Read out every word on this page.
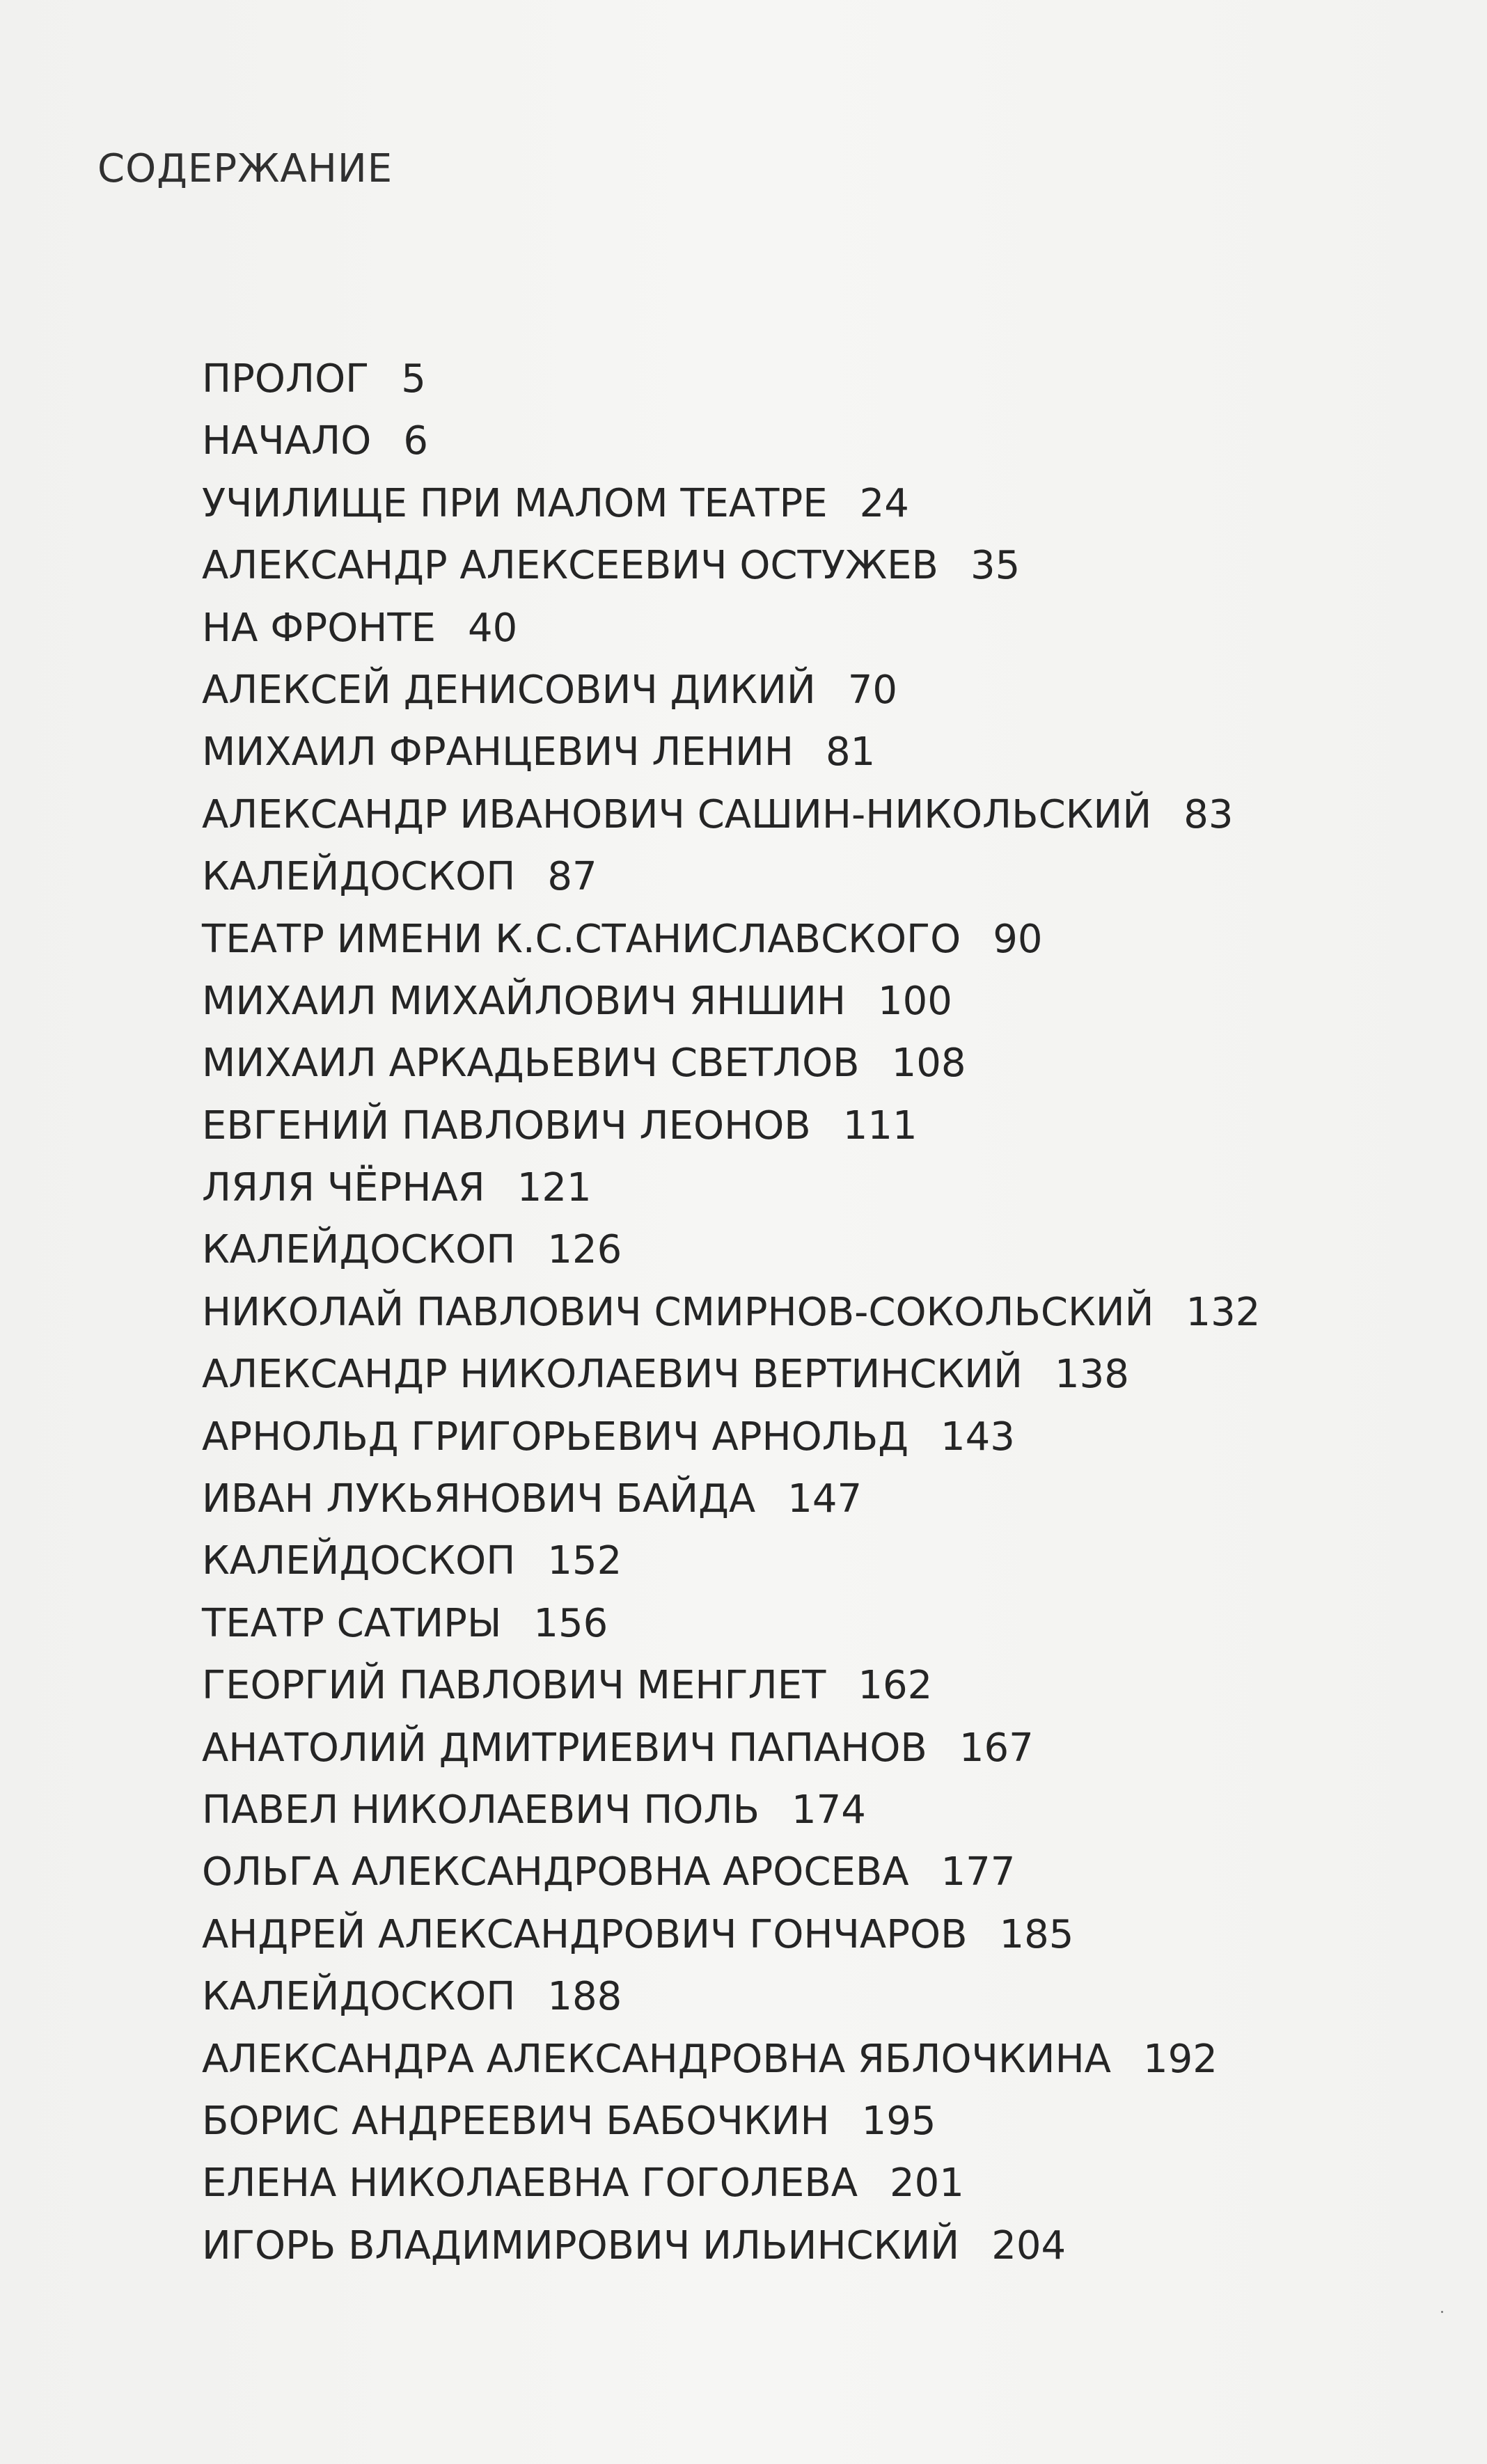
СОДЕРЖАНИЕ
ПРОЛОГ 5
НАЧАЛО 6
УЧИЛИЩЕ ПРИ МАЛОМ ТЕАТРЕ 24
АЛЕКСАНДР АЛЕКСЕЕВИЧ ОСТУЖЕВ 35
НА ФРОНТЕ 40
АЛЕКСЕЙ ДЕНИСОВИЧ ДИКИЙ 70
МИХАИЛ ФРАНЦЕВИЧ ЛЕНИН 81
АЛЕКСАНДР ИВАНОВИЧ САШИН-НИКОЛЬСКИЙ 83
КАЛЕЙДОСКОП 87
ТЕАТР ИМЕНИ К.С.СТАНИСЛАВСКОГО 90
МИХАИЛ МИХАЙЛОВИЧ ЯНШИН 100
МИХАИЛ АРКАДЬЕВИЧ СВЕТЛОВ 108
ЕВГЕНИЙ ПАВЛОВИЧ ЛЕОНОВ 111
ЛЯЛЯ ЧЁРНАЯ 121
КАЛЕЙДОСКОП 126
НИКОЛАЙ ПАВЛОВИЧ СМИРНОВ-СОКОЛЬСКИЙ 132
АЛЕКСАНДР НИКОЛАЕВИЧ ВЕРТИНСКИЙ 138
АРНОЛЬД ГРИГОРЬЕВИЧ АРНОЛЬД 143
ИВАН ЛУКЬЯНОВИЧ БАЙДА 147
КАЛЕЙДОСКОП 152
ТЕАТР САТИРЫ 156
ГЕОРГИЙ ПАВЛОВИЧ МЕНГЛЕТ 162
АНАТОЛИЙ ДМИТРИЕВИЧ ПАПАНОВ 167
ПАВЕЛ НИКОЛАЕВИЧ ПОЛЬ 174
ОЛЬГА АЛЕКСАНДРОВНА АРОСЕВА 177
АНДРЕЙ АЛЕКСАНДРОВИЧ ГОНЧАРОВ 185
КАЛЕЙДОСКОП 188
АЛЕКСАНДРА АЛЕКСАНДРОВНА ЯБЛОЧКИНА 192
БОРИС АНДРЕЕВИЧ БАБОЧКИН 195
ЕЛЕНА НИКОЛАЕВНА ГОГОЛЕВА 201
ИГОРЬ ВЛАДИМИРОВИЧ ИЛЬИНСКИЙ 204
